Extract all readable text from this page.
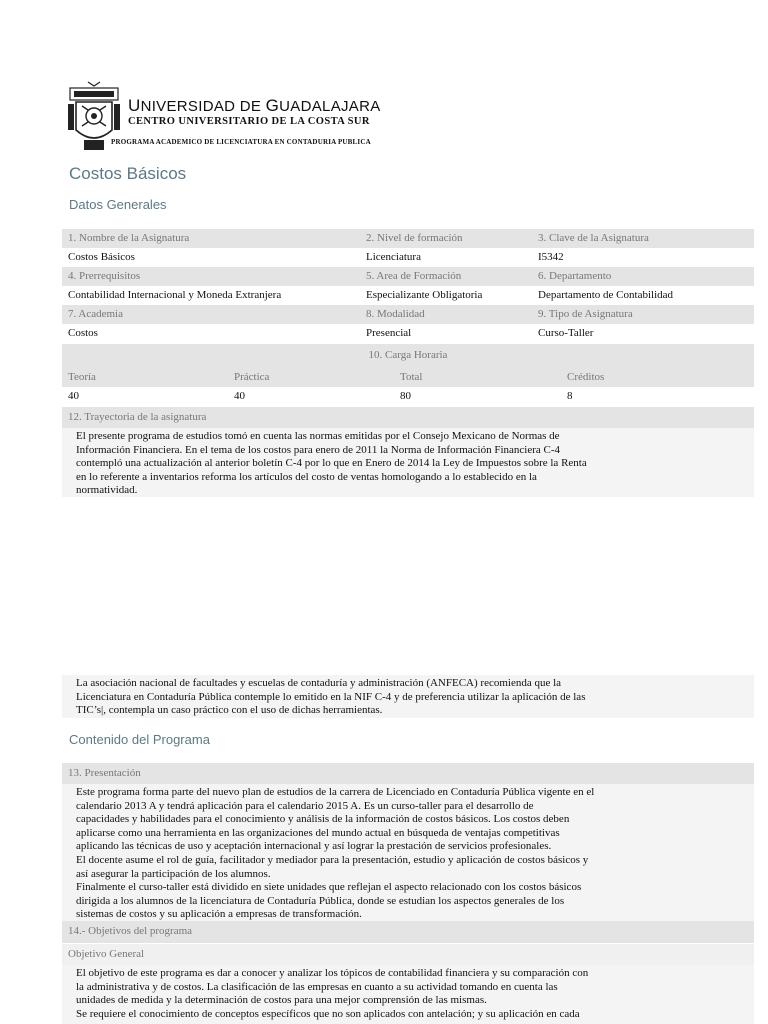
UNIVERSIDAD DE GUADALAJARA
CENTRO UNIVERSITARIO DE LA COSTA SUR
PROGRAMA ACADEMICO DE LICENCIATURA EN CONTADURIA PUBLICA
Costos Básicos
Datos Generales
1. Nombre de la Asignatura	2. Nivel de formación	3. Clave de la Asignatura
Costos Básicos	Licenciatura	I5342
4. Prerrequisitos	5. Area de Formación	6. Departamento
Contabilidad Internacional y Moneda Extranjera	Especializante Obligatoria	Departamento de Contabilidad
7. Academia	8. Modalidad	9. Tipo de Asignatura
Costos	Presencial	Curso-Taller
10. Carga Horaria
Teoría	Práctica	Total	Créditos
40	40	80	8
12. Trayectoria de la asignatura

El presente programa de estudios tomó en cuenta las normas emitidas por el Consejo Mexicano de Normas de
Información Financiera. En el tema de los costos para enero de 2011 la Norma de Información Financiera C-4
contempló una actualización al anterior boletín C-4 por lo que en Enero de 2014 la Ley de Impuestos sobre la Renta
en lo referente a inventarios reforma los artículos del costo de ventas homologando a lo establecido en la
normatividad.

La asociación nacional de facultades y escuelas de contaduría y administración (ANFECA) recomienda que la
Licenciatura en Contaduría Pública contemple lo emitido en la NIF C-4 y de preferencia utilizar la aplicación de las
TIC’s|, contempla un caso práctico con el uso de dichas herramientas.

Contenido del Programa
13. Presentación

Este programa forma parte del nuevo plan de estudios de la carrera de Licenciado en Contaduría Pública vigente en el
calendario 2013 A y tendrá aplicación para el calendario 2015 A. Es un curso-taller para el desarrollo de
capacidades y habilidades para el conocimiento y análisis de la información de costos básicos. Los costos deben
aplicarse como una herramienta en las organizaciones del mundo actual en búsqueda de ventajas competitivas
aplicando las técnicas de uso y aceptación internacional y así lograr la prestación de servicios profesionales.
El docente asume el rol de guía, facilitador y mediador para la presentación, estudio y aplicación de costos básicos y
así asegurar la participación de los alumnos.
Finalmente el curso-taller está dividido en siete unidades que reflejan el aspecto relacionado con los costos básicos
dirigida a los alumnos de la licenciatura de Contaduría Pública, donde se estudian los aspectos generales de los
sistemas de costos y su aplicación a empresas de transformación.

14.- Objetivos del programa
Objetivo General

El objetivo de este programa es dar a conocer y analizar los tópicos de contabilidad financiera y su comparación con
la administrativa y de costos. La clasificación de las empresas en cuanto a su actividad tomando en cuenta las
unidades de medida y la determinación de costos para una mejor comprensión de las mismas.
Se requiere el conocimiento de conceptos específicos que no son aplicados con antelación; y su aplicación en cada
